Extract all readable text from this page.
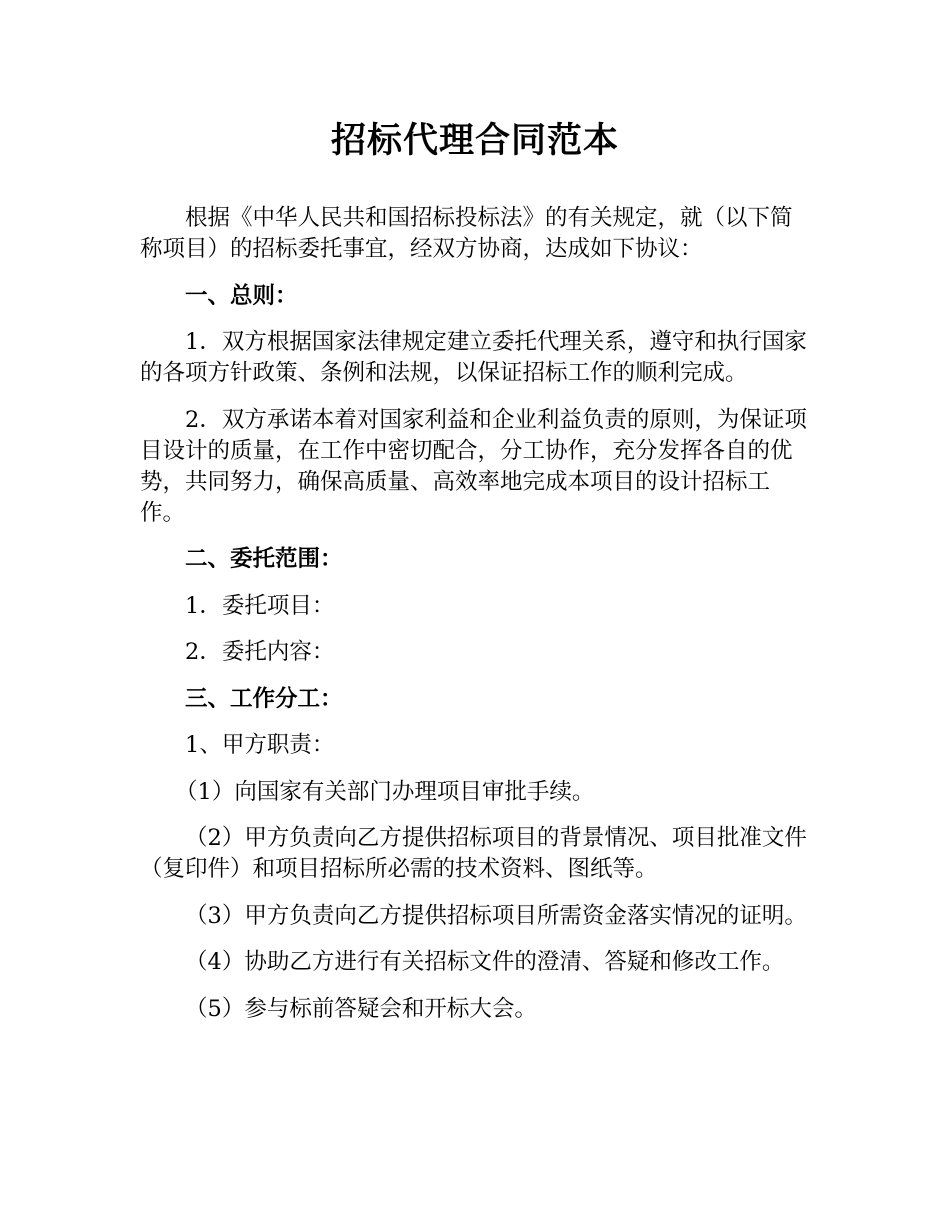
招标代理合同范本

根据《中华人民共和国招标投标法》的有关规定，就（以下简称项目）的招标委托事宜，经双方协商，达成如下协议：

一、总则：

1．双方根据国家法律规定建立委托代理关系，遵守和执行国家的各项方针政策、条例和法规，以保证招标工作的顺利完成。

2．双方承诺本着对国家利益和企业利益负责的原则，为保证项目设计的质量，在工作中密切配合，分工协作，充分发挥各自的优势，共同努力，确保高质量、高效率地完成本项目的设计招标工作。

二、委托范围：

1．委托项目：

2．委托内容：

三、工作分工：

1、甲方职责：

（1）向国家有关部门办理项目审批手续。

（2）甲方负责向乙方提供招标项目的背景情况、项目批准文件（复印件）和项目招标所必需的技术资料、图纸等。

（3）甲方负责向乙方提供招标项目所需资金落实情况的证明。

（4）协助乙方进行有关招标文件的澄清、答疑和修改工作。

（5）参与标前答疑会和开标大会。
